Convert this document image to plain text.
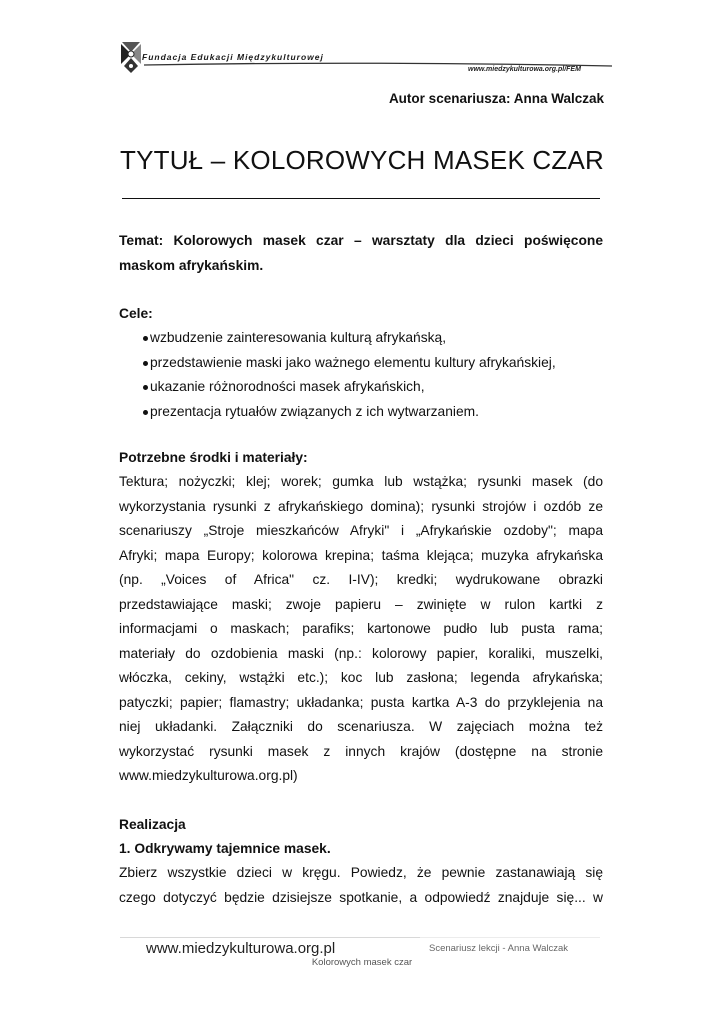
Fundacja Edukacji Międzykulturowej
www.miedzykulturowa.org.pl/FEM
Autor scenariusza: Anna Walczak
TYTUŁ – KOLOROWYCH MASEK CZAR
Temat: Kolorowych masek czar – warsztaty dla dzieci poświęcone
maskom afrykańskim.
Cele:
wzbudzenie zainteresowania kulturą afrykańską,
przedstawienie maski jako ważnego elementu kultury afrykańskiej,
ukazanie różnorodności masek afrykańskich,
prezentacja rytuałów związanych z ich wytwarzaniem.
Potrzebne środki i materiały:
Tektura; nożyczki; klej; worek; gumka lub wstążka; rysunki masek (do
wykorzystania rysunki z afrykańskiego domina); rysunki strojów i ozdób ze
scenariuszy „Stroje mieszkańców Afryki" i „Afrykańskie ozdoby"; mapa
Afryki; mapa Europy; kolorowa krepina; taśma klejąca; muzyka afrykańska
(np. „Voices of Africa" cz. I-IV); kredki; wydrukowane obrazki
przedstawiające maski; zwoje papieru – zwinięte w rulon kartki z
informacjami o maskach; parafiks; kartonowe pudło lub pusta rama;
materiały do ozdobienia maski (np.: kolorowy papier, koraliki, muszelki,
włóczka, cekiny, wstążki etc.); koc lub zasłona; legenda afrykańska;
patyczki; papier; flamastry; układanka; pusta kartka A-3 do przyklejenia na
niej układanki. Załączniki do scenariusza. W zajęciach można też
wykorzystać rysunki masek z innych krajów (dostępne na stronie
www.miedzykulturowa.org.pl)
Realizacja
1. Odkrywamy tajemnice masek.
Zbierz wszystkie dzieci w kręgu. Powiedz, że pewnie zastanawiają się
czego dotyczyć będzie dzisiejsze spotkanie, a odpowiedź znajduje się... w
www.miedzykulturowa.org.pl	Scenariusz lekcji - Anna Walczak
Kolorowych masek czar
